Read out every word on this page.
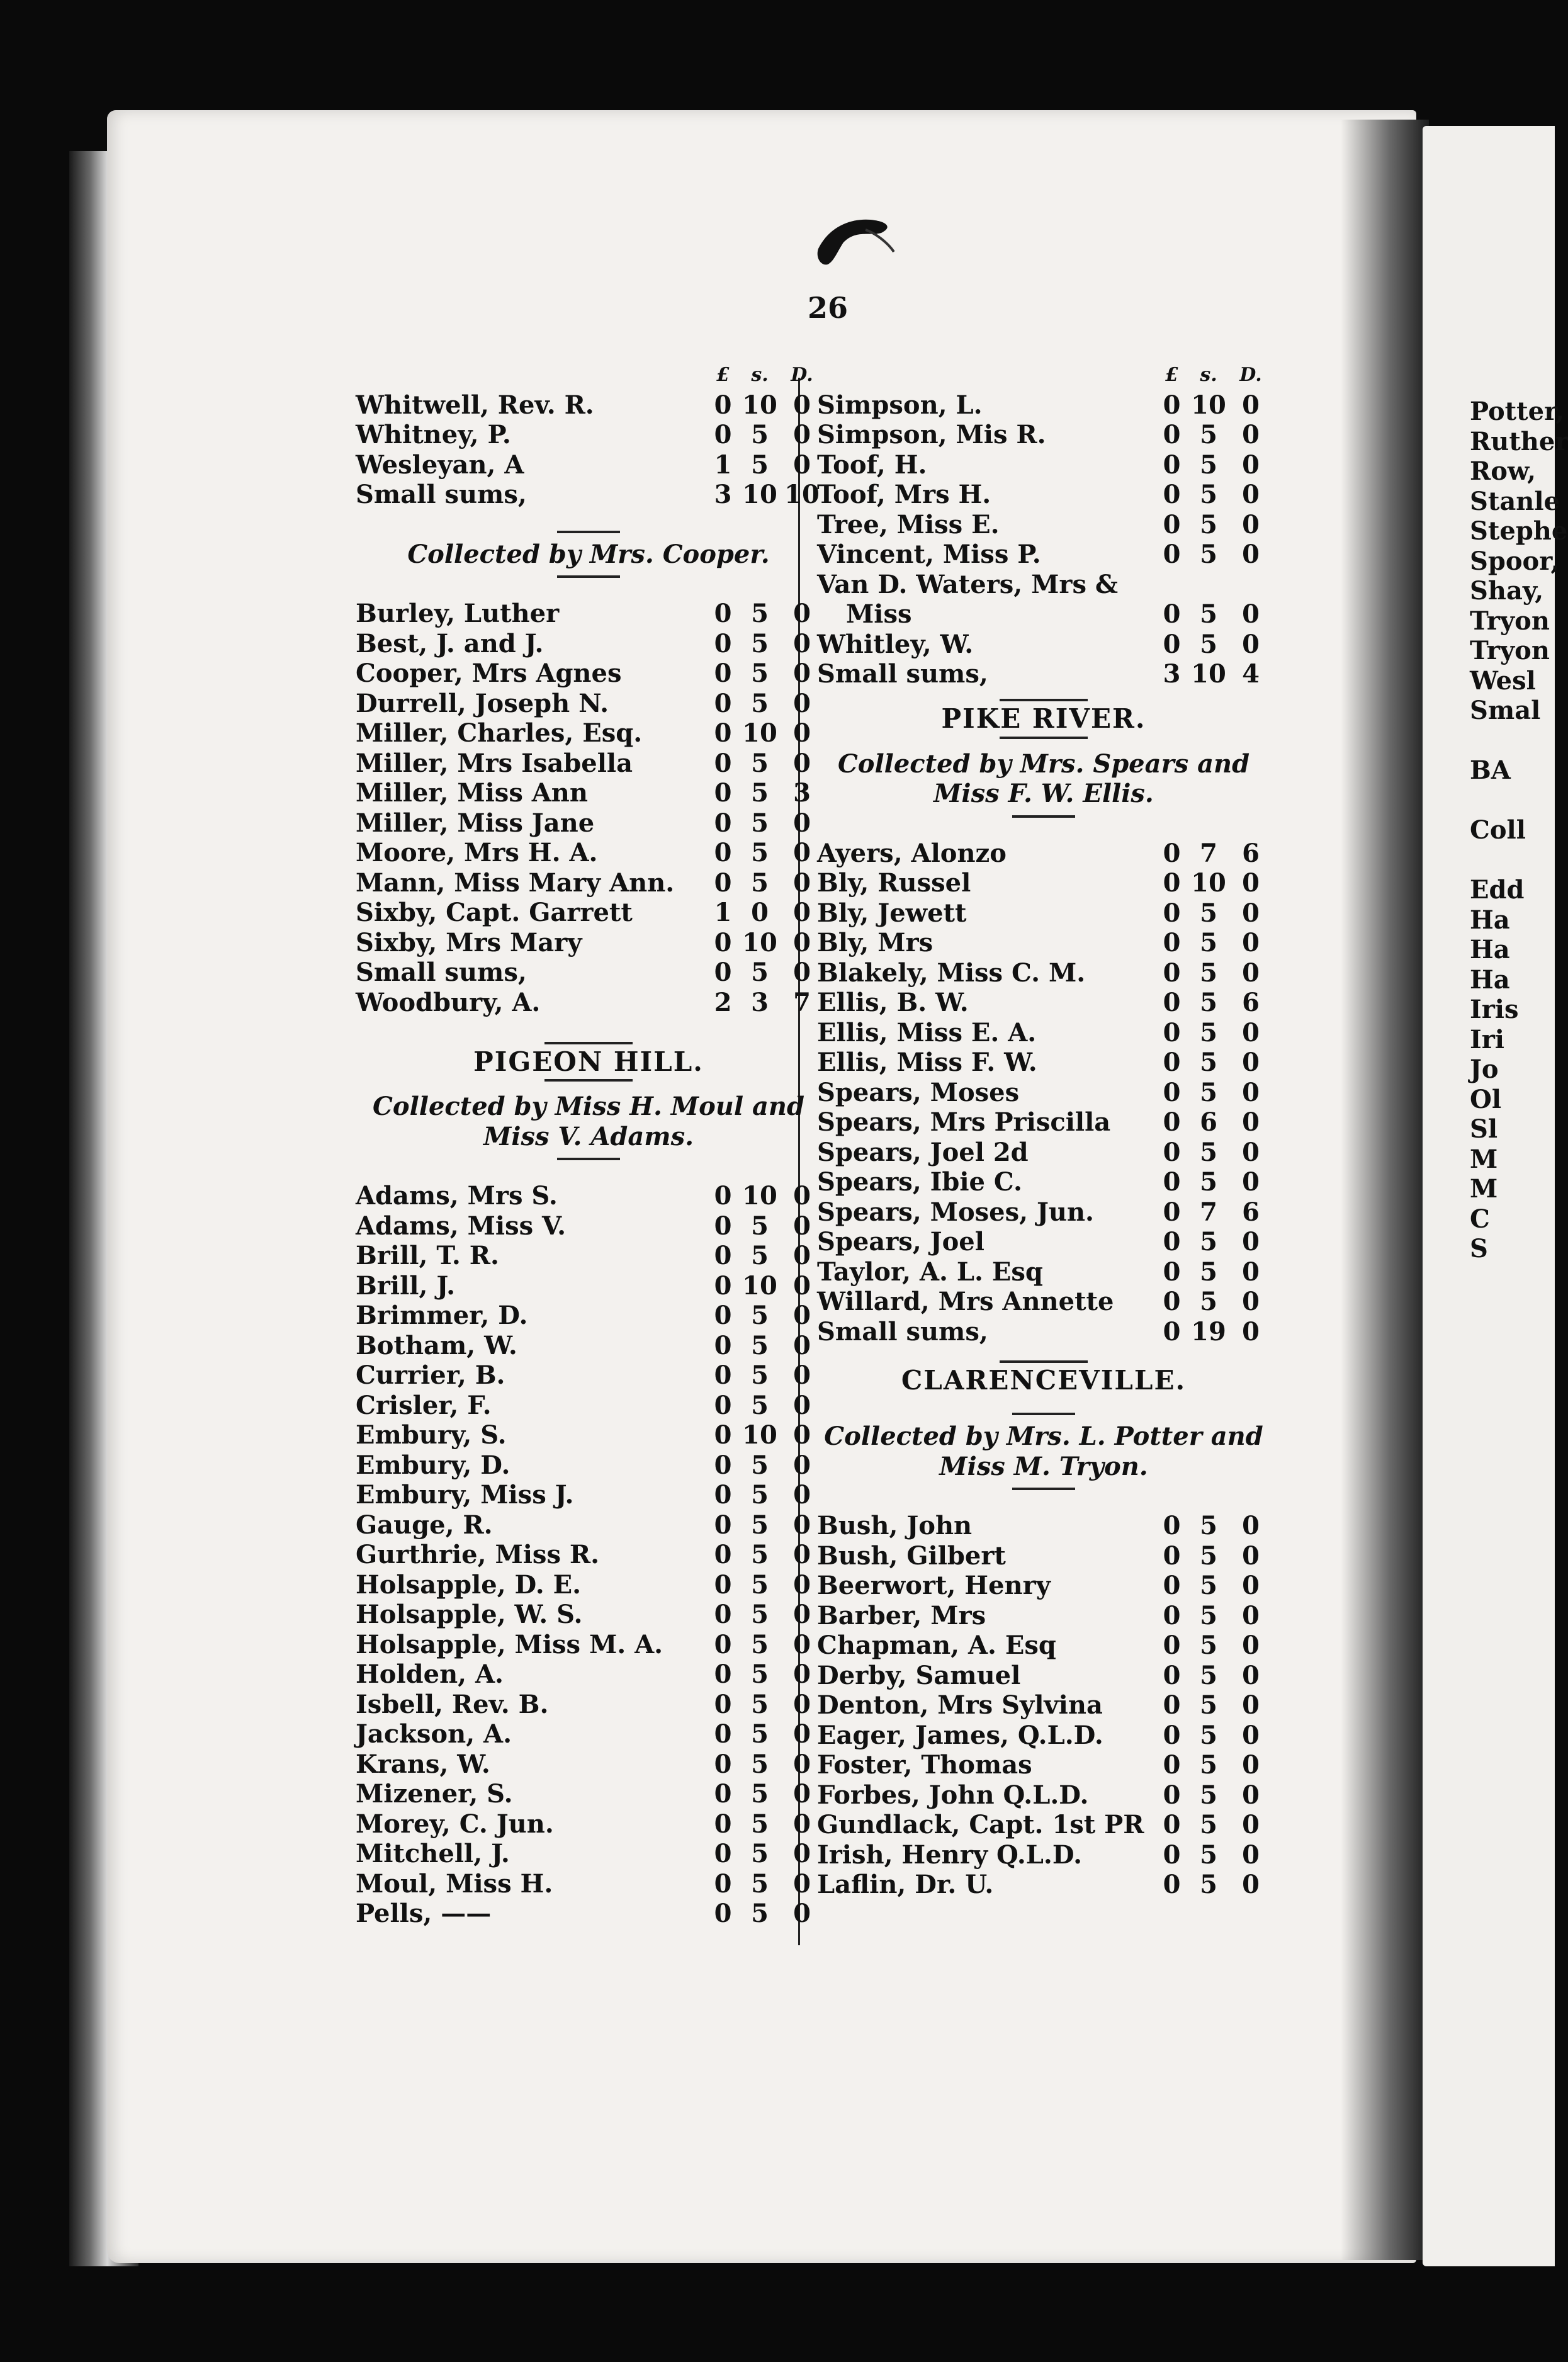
Potter,
Ruther
Row,
Stanle
Stephe
Spoor,
Shay,
Tryon
Tryon
Wesl
Smal
BA
Coll
Edd
Ha
Ha
Ha
Iris
Iri
Jo
Ol
Sl
M
M
C
S
26
£	s.	D.
Whitwell, Rev. R.	0 10 0
Whitney, P.	0 5 0
Wesleyan, A	1 5 0
Small sums,	3 10 10
Collected by Mrs. Cooper.
Burley, Luther	0 5 0
Best, J. and J.	0 5 0
Cooper, Mrs Agnes	0 5 0
Durrell, Joseph N.	0 5 0
Miller, Charles, Esq.	0 10 0
Miller, Mrs Isabella	0 5 0
Miller, Miss Ann	0 5 3
Miller, Miss Jane	0 5 0
Moore, Mrs H. A.	0 5 0
Mann, Miss Mary Ann.	0 5 0
Sixby, Capt. Garrett	1 0 0
Sixby, Mrs Mary	0 10 0
Small sums,	0 5 0
Woodbury, A.	2 3 7
PIGEON HILL.
Collected by Miss H. Moul and Miss V. Adams.
Adams, Mrs S.	0 10 0
Adams, Miss V.	0 5 0
Brill, T. R.	0 5 0
Brill, J.	0 10 0
Brimmer, D.	0 5 0
Botham, W.	0 5 0
Currier, B.	0 5 0
Crisler, F.	0 5 0
Embury, S.	0 10 0
Embury, D.	0 5 0
Embury, Miss J.	0 5 0
Gauge, R.	0 5 0
Gurthrie, Miss R.	0 5 0
Holsapple, D. E.	0 5 0
Holsapple, W. S.	0 5 0
Holsapple, Miss M. A.	0 5 0
Holden, A.	0 5 0
Isbell, Rev. B.	0 5 0
Jackson, A.	0 5 0
Krans, W.	0 5 0
Mizener, S.	0 5 0
Morey, C. Jun.	0 5 0
Mitchell, J.	0 5 0
Moul, Miss H.	0 5 0
Pells, ——	0 5 0
£	s.	D.
Simpson, L.	0 10 0
Simpson, Mis R.	0 5 0
Toof, H.	0 5 0
Toof, Mrs H.	0 5 0
Tree, Miss E.	0 5 0
Vincent, Miss P.	0 5 0
Van D. Waters, Mrs &
Miss	0 5 0
Whitley, W.	0 5 0
Small sums,	3 10 4
PIKE RIVER.
Collected by Mrs. Spears and Miss F. W. Ellis.
Ayers, Alonzo	0 7 6
Bly, Russel	0 10 0
Bly, Jewett	0 5 0
Bly, Mrs	0 5 0
Blakely, Miss C. M.	0 5 0
Ellis, B. W.	0 5 6
Ellis, Miss E. A.	0 5 0
Ellis, Miss F. W.	0 5 0
Spears, Moses	0 5 0
Spears, Mrs Priscilla	0 6 0
Spears, Joel 2d	0 5 0
Spears, Ibie C.	0 5 0
Spears, Moses, Jun.	0 7 6
Spears, Joel	0 5 0
Taylor, A. L. Esq	0 5 0
Willard, Mrs Annette	0 5 0
Small sums,	0 19 0
CLARENCEVILLE.
Collected by Mrs. L. Potter and Miss M. Tryon.
Bush, John	0 5 0
Bush, Gilbert	0 5 0
Beerwort, Henry	0 5 0
Barber, Mrs	0 5 0
Chapman, A. Esq	0 5 0
Derby, Samuel	0 5 0
Denton, Mrs Sylvina	0 5 0
Eager, James, Q.L.D.	0 5 0
Foster, Thomas	0 5 0
Forbes, John Q.L.D.	0 5 0
Gundlack, Capt. 1st PR 0 5 0
Irish, Henry Q.L.D.	0 5 0
Laflin, Dr. U.	0 5 0
